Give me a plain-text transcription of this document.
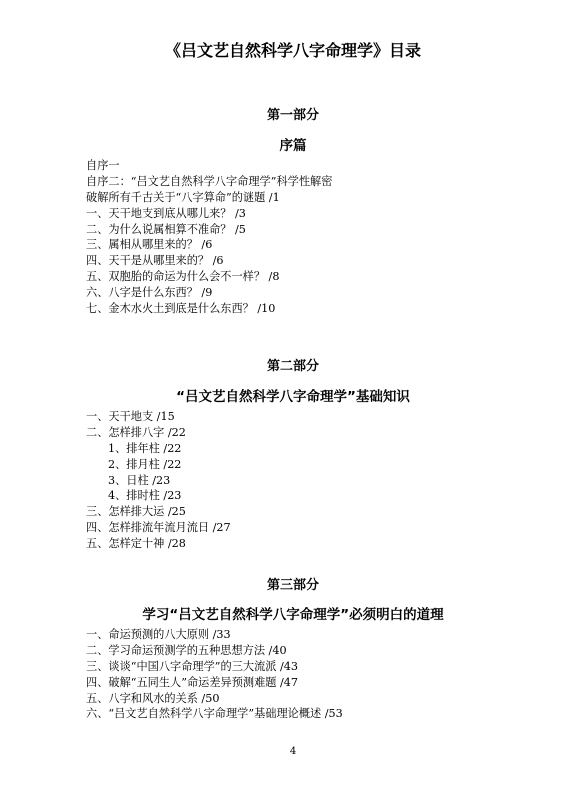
《吕文艺自然科学八字命理学》目录
第一部分
序篇
自序一
自序二：“吕文艺自然科学八字命理学”科学性解密
破解所有千古关于“八字算命”的谜题 /1
一、天干地支到底从哪儿来？ /3
二、为什么说属相算不准命？ /5
三、属相从哪里来的？ /6
四、天干是从哪里来的？ /6
五、双胞胎的命运为什么会不一样？ /8
六、八字是什么东西？ /9
七、金木水火土到底是什么东西？ /10
第二部分
“吕文艺自然科学八字命理学”基础知识
一、天干地支 /15
二、怎样排八字 /22
1、排年柱 /22
2、排月柱 /22
3、日柱 /23
4、排时柱 /23
三、怎样排大运 /25
四、怎样排流年流月流日 /27
五、怎样定十神 /28
第三部分
学习“吕文艺自然科学八字命理学”必须明白的道理
一、命运预测的八大原则 /33
二、学习命运预测学的五种思想方法 /40
三、谈谈“中国八字命理学”的三大流派 /43
四、破解“五同生人”命运差异预测难题 /47
五、八字和风水的关系 /50
六、“吕文艺自然科学八字命理学”基础理论概述 /53
4
